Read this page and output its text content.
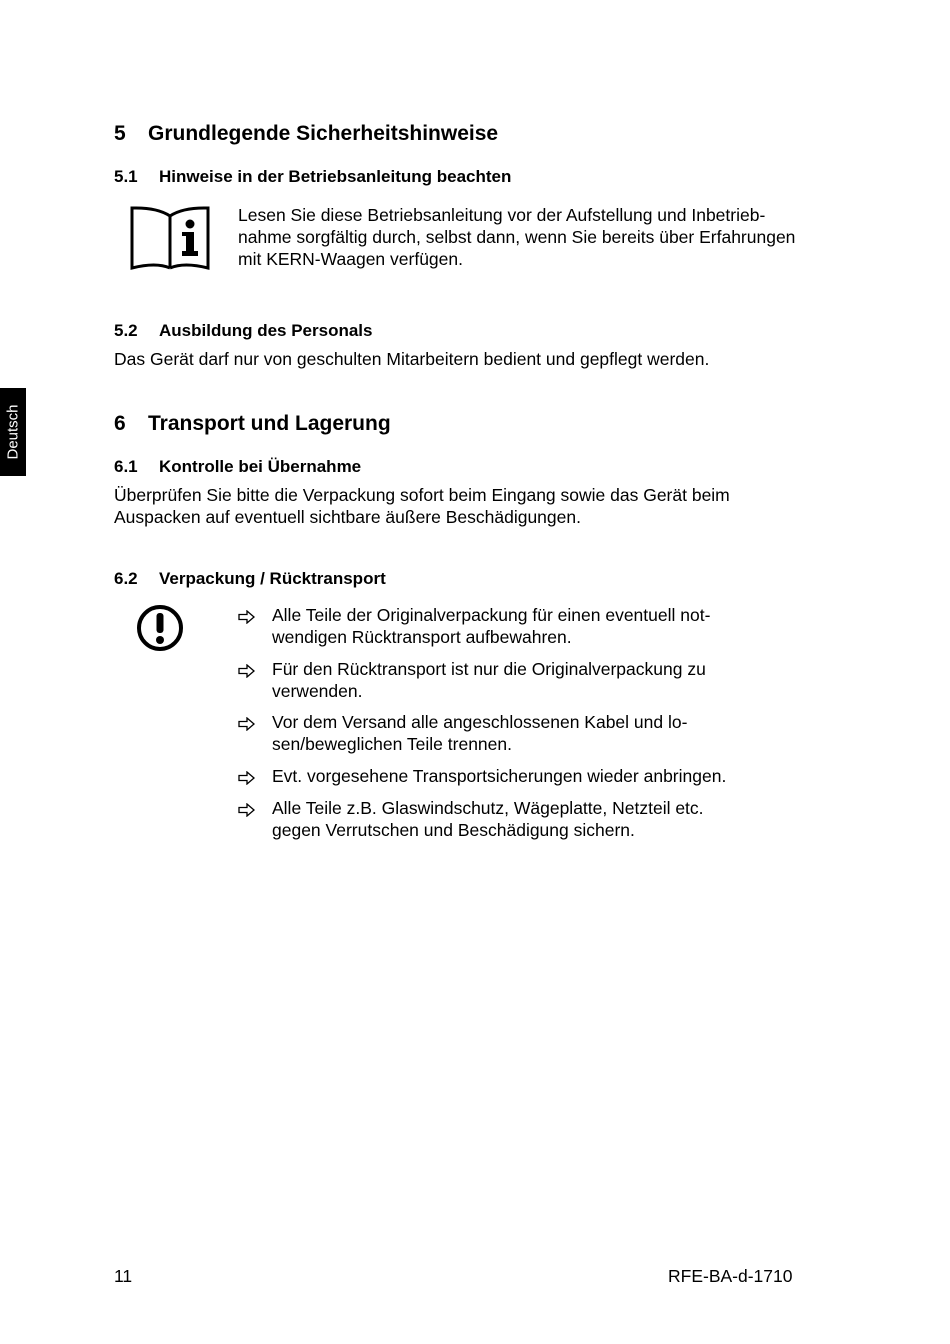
Deutsch
5 Grundlegende Sicherheitshinweise
5.1 Hinweise in der Betriebsanleitung beachten
Lesen Sie diese Betriebsanleitung vor der Aufstellung und Inbetrieb-
nahme sorgfältig durch, selbst dann, wenn Sie bereits über Erfahrungen
mit KERN-Waagen verfügen.
5.2 Ausbildung des Personals
Das Gerät darf nur von geschulten Mitarbeitern bedient und gepflegt werden.
6 Transport und Lagerung
6.1 Kontrolle bei Übernahme
Überprüfen Sie bitte die Verpackung sofort beim Eingang sowie das Gerät beim
Auspacken auf eventuell sichtbare äußere Beschädigungen.
6.2 Verpackung / Rücktransport
Alle Teile der Originalverpackung für einen eventuell not-
wendigen Rücktransport aufbewahren.
Für den Rücktransport ist nur die Originalverpackung zu
verwenden.
Vor dem Versand alle angeschlossenen Kabel und lo-
sen/beweglichen Teile trennen.
Evt. vorgesehene Transportsicherungen wieder anbringen.
Alle Teile z.B. Glaswindschutz, Wägeplatte, Netzteil etc.
gegen Verrutschen und Beschädigung sichern.
11	RFE-BA-d-1710
